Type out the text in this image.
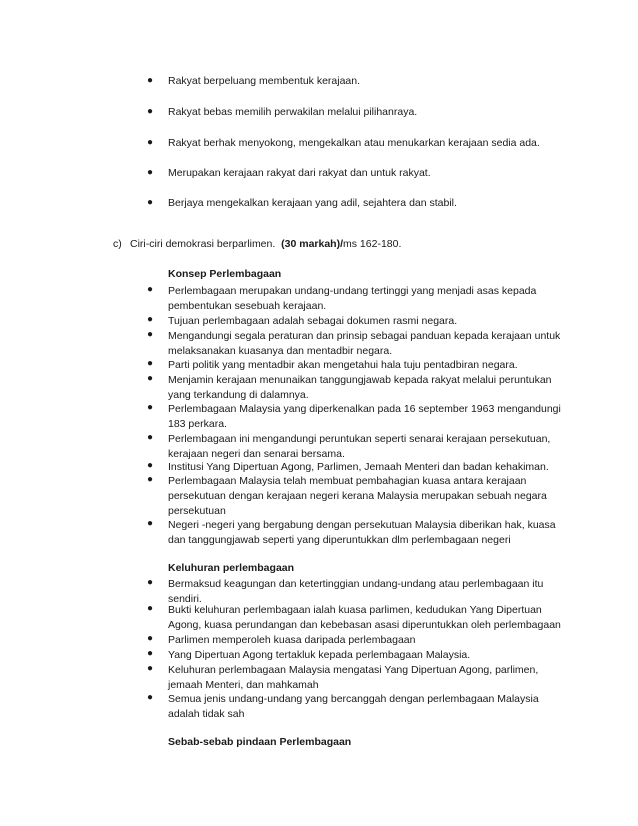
● Rakyat berpeluang membentuk kerajaan.
● Rakyat bebas memilih perwakilan melalui pilihanraya.
● Rakyat berhak menyokong, mengekalkan atau menukarkan kerajaan sedia ada.
● Merupakan kerajaan rakyat dari rakyat dan untuk rakyat.
● Berjaya mengekalkan kerajaan yang adil, sejahtera dan stabil.
c) Ciri-ciri demokrasi berparlimen. (30 markah)/ms 162-180.
Konsep Perlembagaan
● Perlembagaan merupakan undang-undang tertinggi yang menjadi asas kepada pembentukan sesebuah kerajaan.
● Tujuan perlembagaan adalah sebagai dokumen rasmi negara.
● Mengandungi segala peraturan dan prinsip sebagai panduan kepada kerajaan untuk melaksanakan kuasanya dan mentadbir negara.
● Parti politik yang mentadbir akan mengetahui hala tuju pentadbiran negara.
● Menjamin kerajaan menunaikan tanggungjawab kepada rakyat melalui peruntukan yang terkandung di dalamnya.
● Perlembagaan Malaysia yang diperkenalkan pada 16 september 1963 mengandungi 183 perkara.
● Perlembagaan ini mengandungi peruntukan seperti senarai kerajaan persekutuan, kerajaan negeri dan senarai bersama.
● Institusi Yang Dipertuan Agong, Parlimen, Jemaah Menteri dan badan kehakiman.
● Perlembagaan Malaysia telah membuat pembahagian kuasa antara kerajaan persekutuan dengan kerajaan negeri kerana Malaysia merupakan sebuah negara persekutuan
● Negeri -negeri yang bergabung dengan persekutuan Malaysia diberikan hak, kuasa dan tanggungjawab seperti yang diperuntukkan dlm perlembagaan negeri
Keluhuran perlembagaan
● Bermaksud keagungan dan ketertinggian undang-undang atau perlembagaan itu sendiri.
● Bukti keluhuran perlembagaan ialah kuasa parlimen, kedudukan Yang Dipertuan Agong, kuasa perundangan dan kebebasan asasi diperuntukkan oleh perlembagaan
● Parlimen memperoleh kuasa daripada perlembagaan
● Yang Dipertuan Agong tertakluk kepada perlembagaan Malaysia.
● Keluhuran perlembagaan Malaysia mengatasi Yang Dipertuan Agong, parlimen, jemaah Menteri, dan mahkamah
● Semua jenis undang-undang yang bercanggah dengan perlembagaan Malaysia adalah tidak sah
Sebab-sebab pindaan Perlembagaan
